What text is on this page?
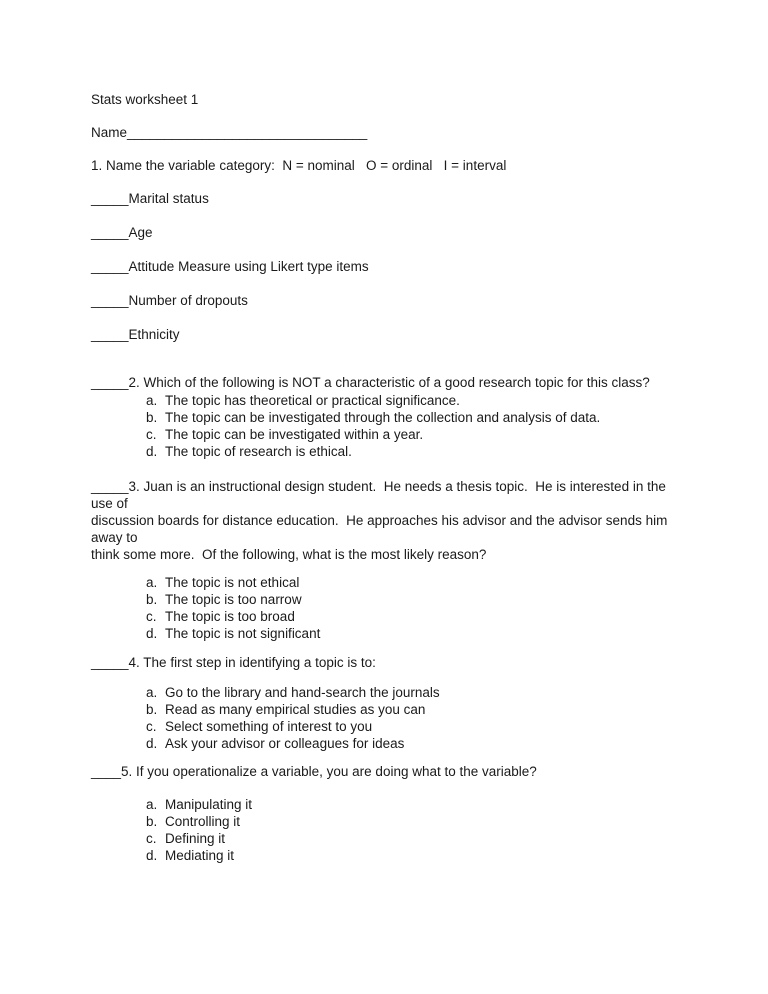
Stats worksheet 1
Name________________________________
1. Name the variable category:  N = nominal   O = ordinal   I = interval
_____Marital status
_____Age
_____Attitude Measure using Likert type items
_____Number of dropouts
_____Ethnicity
_____2. Which of the following is NOT a characteristic of a good research topic for this class?
a. The topic has theoretical or practical significance.
b. The topic can be investigated through the collection and analysis of data.
c. The topic can be investigated within a year.
d. The topic of research is ethical.
_____3. Juan is an instructional design student.  He needs a thesis topic.  He is interested in the use of
discussion boards for distance education.  He approaches his advisor and the advisor sends him away to
think some more.  Of the following, what is the most likely reason?
a. The topic is not ethical
b. The topic is too narrow
c. The topic is too broad
d. The topic is not significant
_____4. The first step in identifying a topic is to:
a. Go to the library and hand-search the journals
b. Read as many empirical studies as you can
c. Select something of interest to you
d. Ask your advisor or colleagues for ideas
____5. If you operationalize a variable, you are doing what to the variable?
a. Manipulating it
b. Controlling it
c. Defining it
d. Mediating it
